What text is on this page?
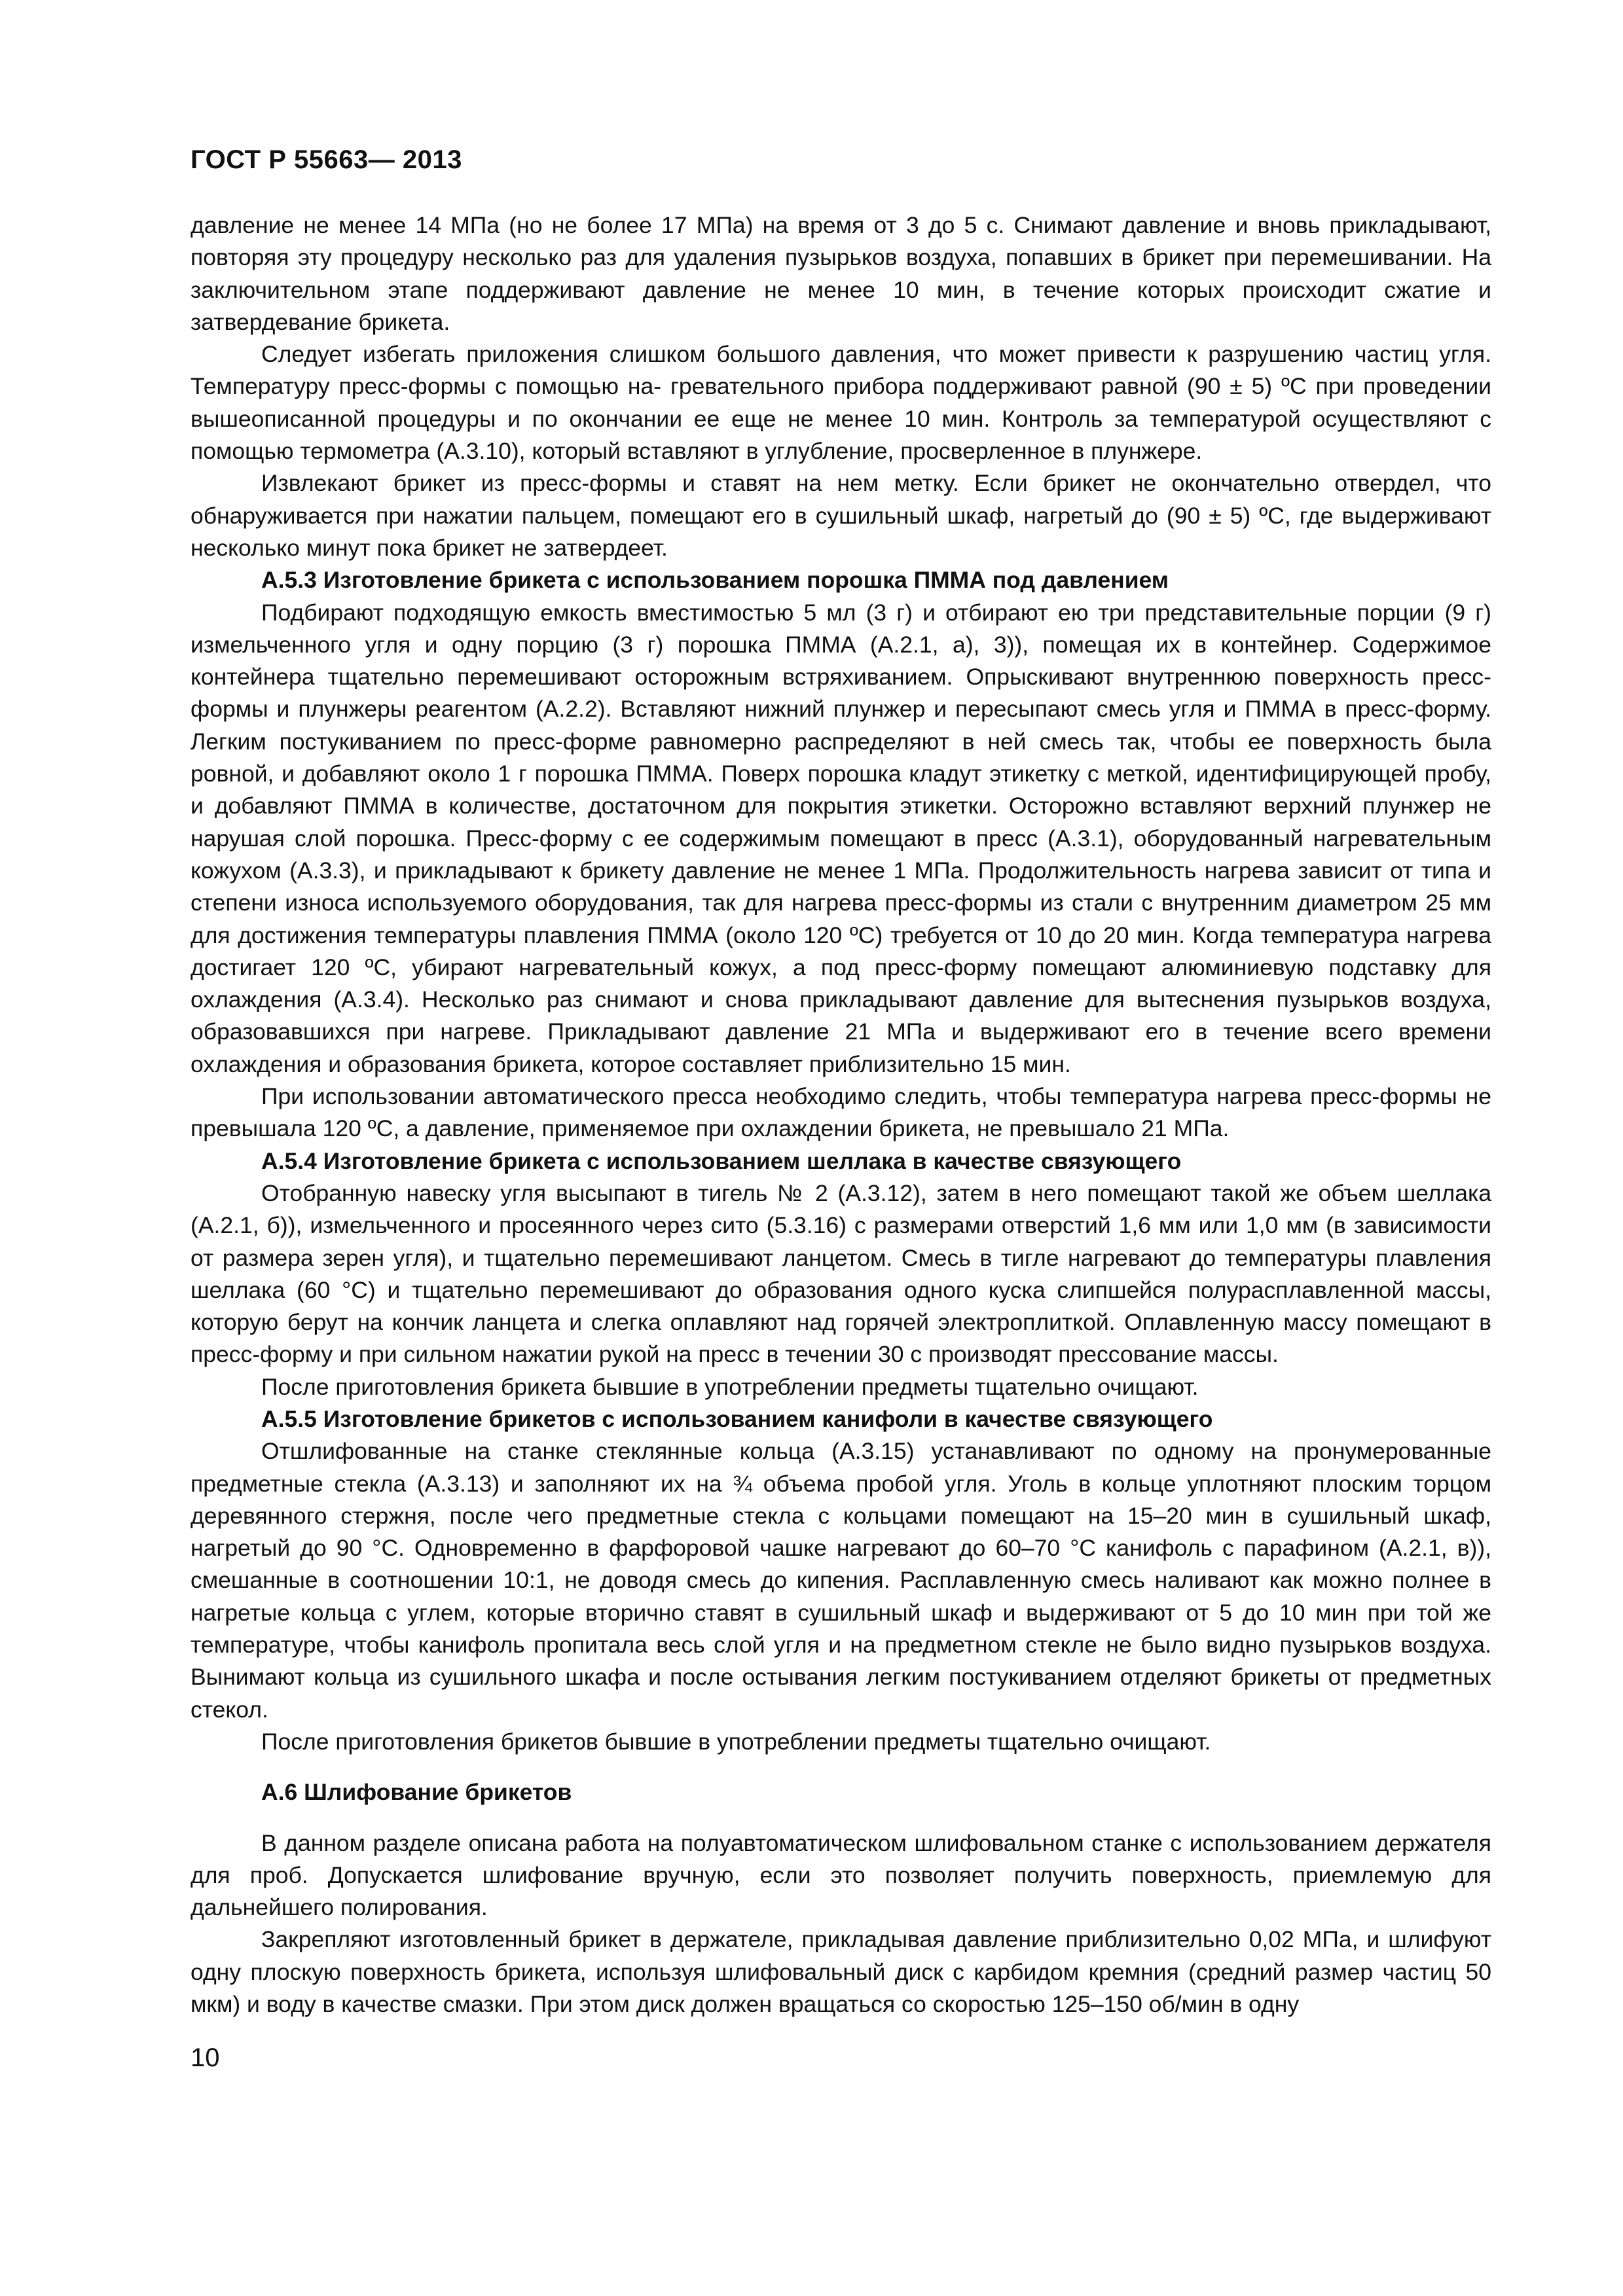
ГОСТ Р 55663— 2013

давление не менее 14 МПа (но не более 17 МПа) на время от 3 до 5 с. Снимают давление и вновь прикладывают, повторяя эту процедуру несколько раз для удаления пузырьков воздуха, попавших в брикет при перемешивании. На заключительном этапе поддерживают давление не менее 10 мин, в течение которых происходит сжатие и затвердевание брикета.

Следует избегать приложения слишком большого давления, что может привести к разрушению частиц угля. Температуру пресс-формы с помощью на- гревательного прибора поддерживают равной (90 ± 5) ºС при проведении вышеописанной процедуры и по окончании ее еще не менее 10 мин. Контроль за температурой осуществляют с помощью термометра (А.3.10), который вставляют в углубление, просверленное в плунжере.

Извлекают брикет из пресс-формы и ставят на нем метку. Если брикет не окончательно отвердел, что обнаруживается при нажатии пальцем, помещают его в сушильный шкаф, нагретый до (90 ± 5) ºС, где выдерживают несколько минут пока брикет не затвердеет.

А.5.3 Изготовление брикета с использованием порошка ПММА под давлением

Подбирают подходящую емкость вместимостью 5 мл (3 г) и отбирают ею три представительные порции (9 г) измельченного угля и одну порцию (3 г) порошка ПММА (А.2.1, а), 3)), помещая их в контейнер. Содержимое контейнера тщательно перемешивают осторожным встряхиванием. Опрыскивают внутреннюю поверхность пресс-формы и плунжеры реагентом (А.2.2). Вставляют нижний плунжер и пересыпают смесь угля и ПММА в пресс-форму. Легким постукиванием по пресс-форме равномерно распределяют в ней смесь так, чтобы ее поверхность была ровной, и добавляют около 1 г порошка ПММА. Поверх порошка кладут этикетку с меткой, идентифицирующей пробу, и добавляют ПММА в количестве, достаточном для покрытия этикетки. Осторожно вставляют верхний плунжер не нарушая слой порошка. Пресс-форму с ее содержимым помещают в пресс (А.3.1), оборудованный нагревательным кожухом (А.3.3), и прикладывают к брикету давление не менее 1 МПа. Продолжительность нагрева зависит от типа и степени износа используемого оборудования, так для нагрева пресс-формы из стали с внутренним диаметром 25 мм для достижения температуры плавления ПММА (около 120 ºС) требуется от 10 до 20 мин. Когда температура нагрева достигает 120 ºС, убирают нагревательный кожух, а под пресс-форму помещают алюминиевую подставку для охлаждения (А.3.4). Несколько раз снимают и снова прикладывают давление для вытеснения пузырьков воздуха, образовавшихся при нагреве. Прикладывают давление 21 МПа и выдерживают его в течение всего времени охлаждения и образования брикета, которое составляет приблизительно 15 мин.

При использовании автоматического пресса необходимо следить, чтобы температура нагрева пресс-формы не превышала 120 ºС, а давление, применяемое при охлаждении брикета, не превышало 21 МПа.

А.5.4 Изготовление брикета с использованием шеллака в качестве связующего

Отобранную навеску угля высыпают в тигель № 2 (А.3.12), затем в него помещают такой же объем шеллака (А.2.1, б)), измельченного и просеянного через сито (5.3.16) с размерами отверстий 1,6 мм или 1,0 мм (в зависимости от размера зерен угля), и тщательно перемешивают ланцетом. Смесь в тигле нагревают до температуры плавления шеллака (60 °С) и тщательно перемешивают до образования одного куска слипшейся полурасплавленной массы, которую берут на кончик ланцета и слегка оплавляют над горячей электроплиткой. Оплавленную массу помещают в пресс-форму и при сильном нажатии рукой на пресс в течении 30 с производят прессование массы.

После приготовления брикета бывшие в употреблении предметы тщательно очищают.

А.5.5 Изготовление брикетов с использованием канифоли в качестве связующего

Отшлифованные на станке стеклянные кольца (А.3.15) устанавливают по одному на пронумерованные предметные стекла (А.3.13) и заполняют их на ¾ объема пробой угля. Уголь в кольце уплотняют плоским торцом деревянного стержня, после чего предметные стекла с кольцами помещают на 15–20 мин в сушильный шкаф, нагретый до 90 °С. Одновременно в фарфоровой чашке нагревают до 60–70 °С канифоль с парафином (А.2.1, в)), смешанные в соотношении 10:1, не доводя смесь до кипения. Расплавленную смесь наливают как можно полнее в нагретые кольца с углем, которые вторично ставят в сушильный шкаф и выдерживают от 5 до 10 мин при той же температуре, чтобы канифоль пропитала весь слой угля и на предметном стекле не было видно пузырьков воздуха. Вынимают кольца из сушильного шкафа и после остывания легким постукиванием отделяют брикеты от предметных стекол.

После приготовления брикетов бывшие в употреблении предметы тщательно очищают.

А.6 Шлифование брикетов

В данном разделе описана работа на полуавтоматическом шлифовальном станке с использованием держателя для проб. Допускается шлифование вручную, если это позволяет получить поверхность, приемлемую для дальнейшего полирования.

Закрепляют изготовленный брикет в держателе, прикладывая давление приблизительно 0,02 МПа, и шлифуют одну плоскую поверхность брикета, используя шлифовальный диск с карбидом кремния (средний размер частиц 50 мкм) и воду в качестве смазки. При этом диск должен вращаться со скоростью 125–150 об/мин в одну

10
